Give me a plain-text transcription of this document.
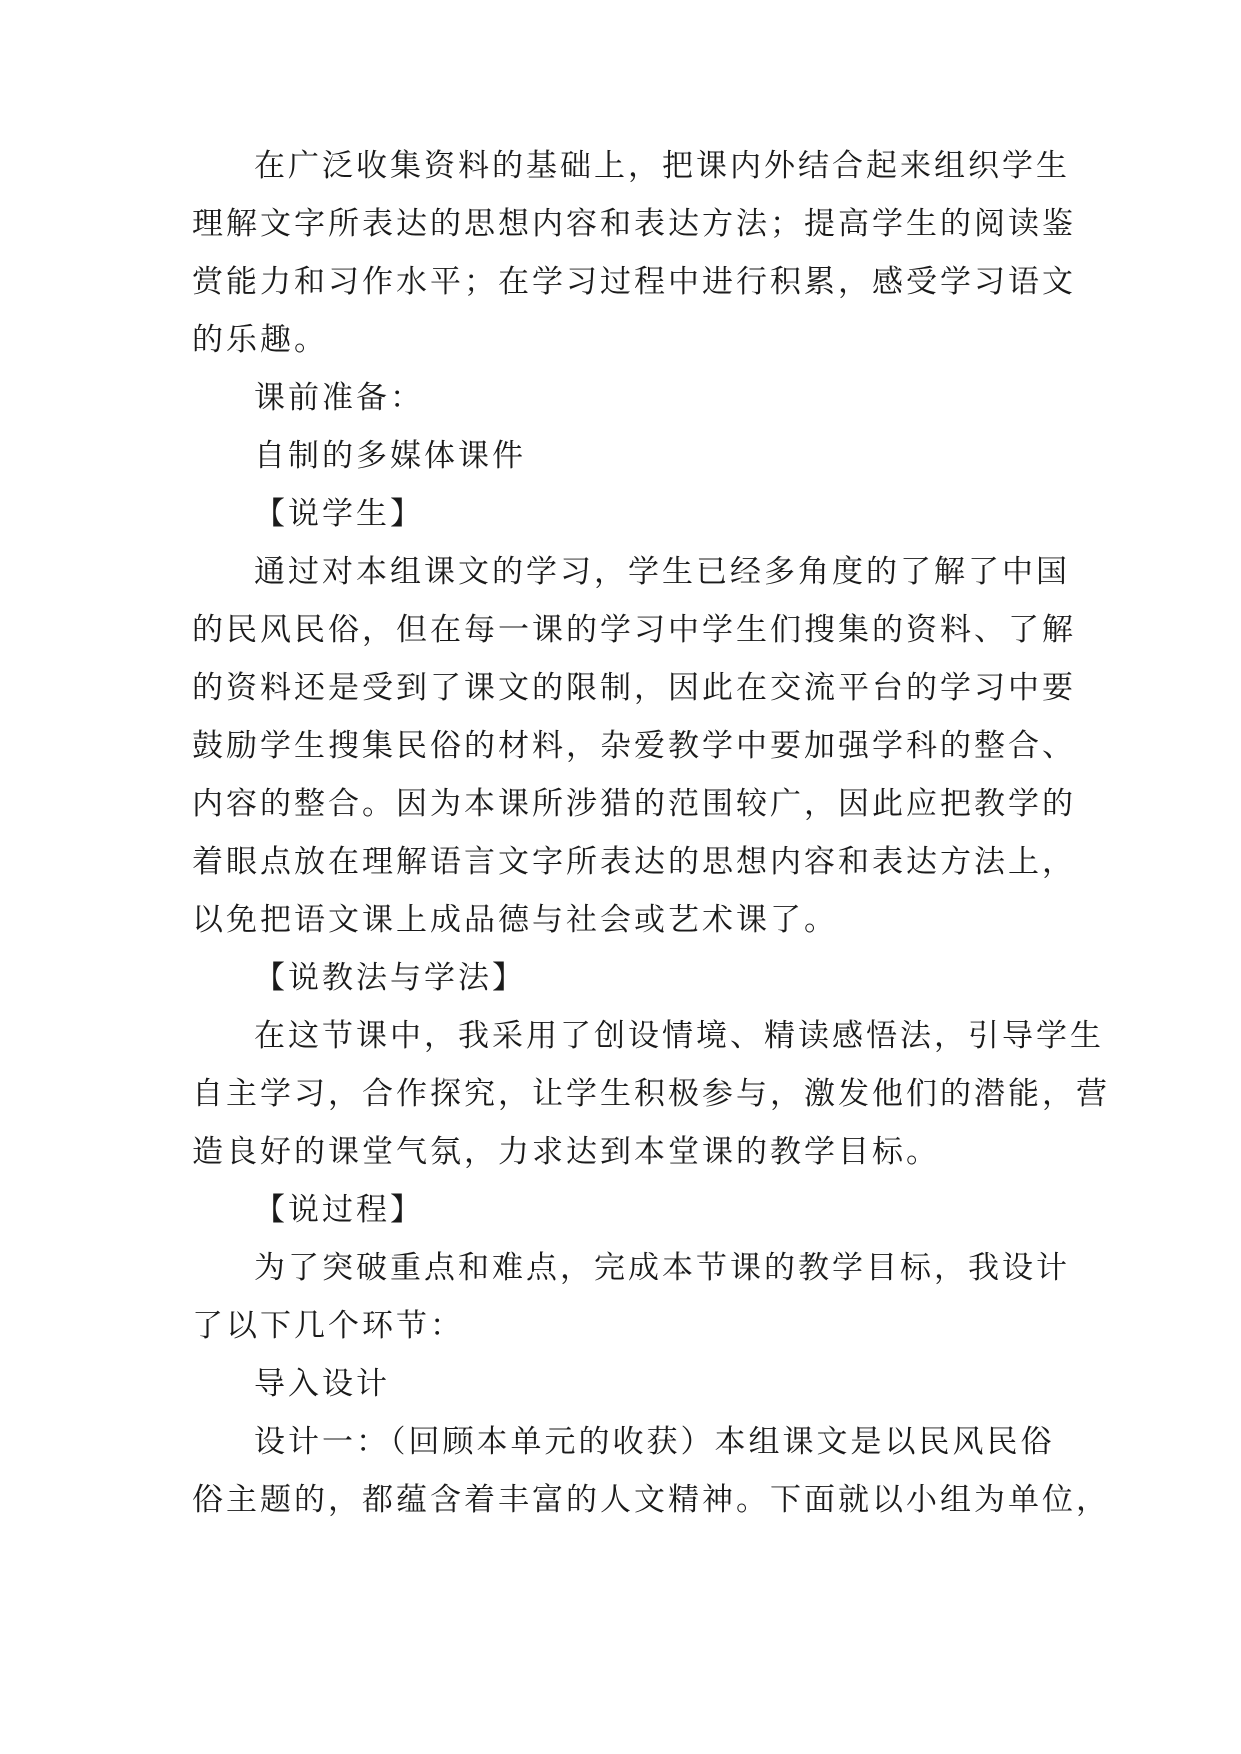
在广泛收集资料的基础上，把课内外结合起来组织学生
理解文字所表达的思想内容和表达方法；提高学生的阅读鉴
赏能力和习作水平；在学习过程中进行积累，感受学习语文
的乐趣。
课前准备：
自制的多媒体课件
【说学生】
通过对本组课文的学习，学生已经多角度的了解了中国
的民风民俗，但在每一课的学习中学生们搜集的资料、了解
的资料还是受到了课文的限制，因此在交流平台的学习中要
鼓励学生搜集民俗的材料，杂爱教学中要加强学科的整合、
内容的整合。因为本课所涉猎的范围较广，因此应把教学的
着眼点放在理解语言文字所表达的思想内容和表达方法上，
以免把语文课上成品德与社会或艺术课了。
【说教法与学法】
在这节课中，我采用了创设情境、精读感悟法，引导学生
自主学习，合作探究，让学生积极参与，激发他们的潜能，营
造良好的课堂气氛，力求达到本堂课的教学目标。
【说过程】
为了突破重点和难点，完成本节课的教学目标，我设计
了以下几个环节：
导入设计
设计一：（回顾本单元的收获）本组课文是以民风民俗
俗主题的，都蕴含着丰富的人文精神。下面就以小组为单位，
